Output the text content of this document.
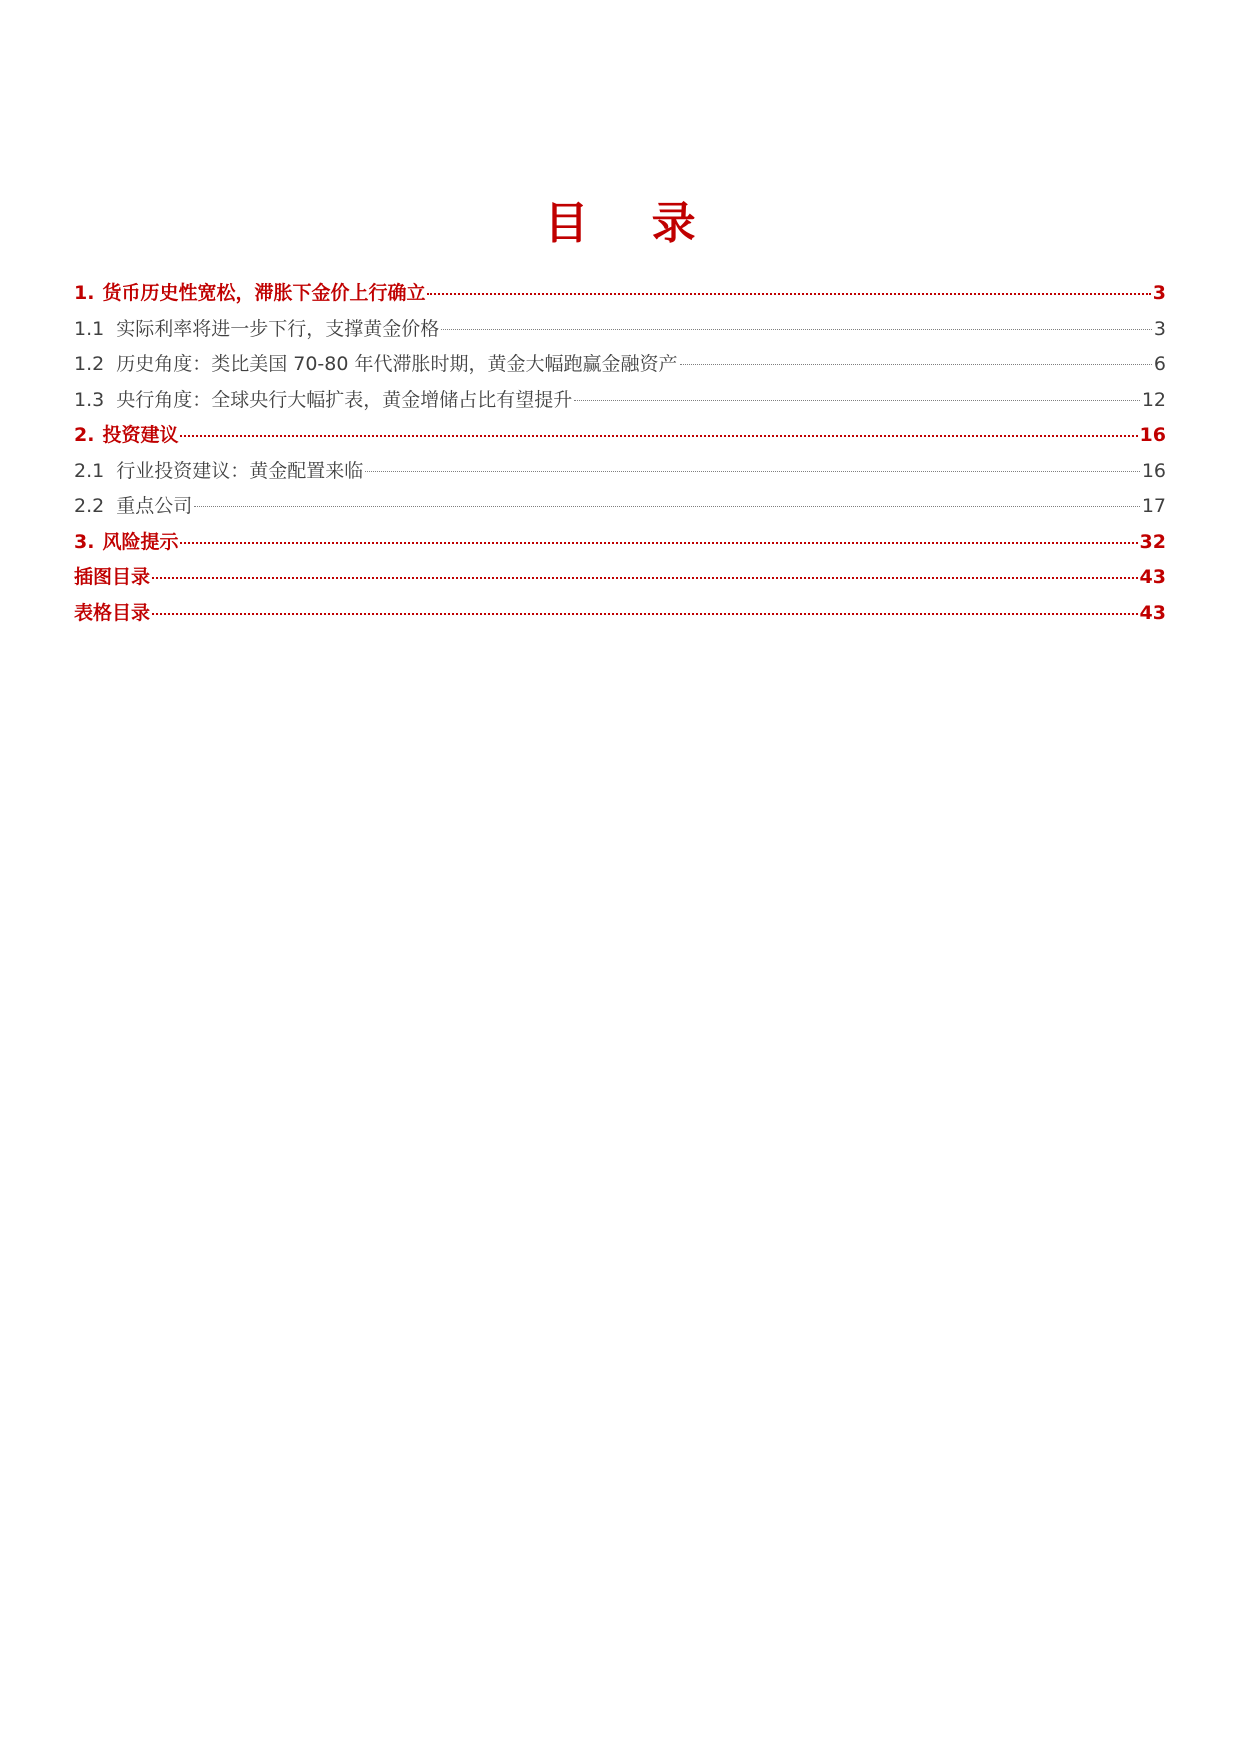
目 录
1. 货币历史性宽松，滞胀下金价上行确立	3
1.1 实际利率将进一步下行，支撑黄金价格	3
1.2 历史角度：类比美国 70-80 年代滞胀时期，黄金大幅跑赢金融资产	6
1.3 央行角度：全球央行大幅扩表，黄金增储占比有望提升	12
2. 投资建议	16
2.1 行业投资建议：黄金配置来临	16
2.2 重点公司	17
3. 风险提示	32
插图目录	43
表格目录	43
